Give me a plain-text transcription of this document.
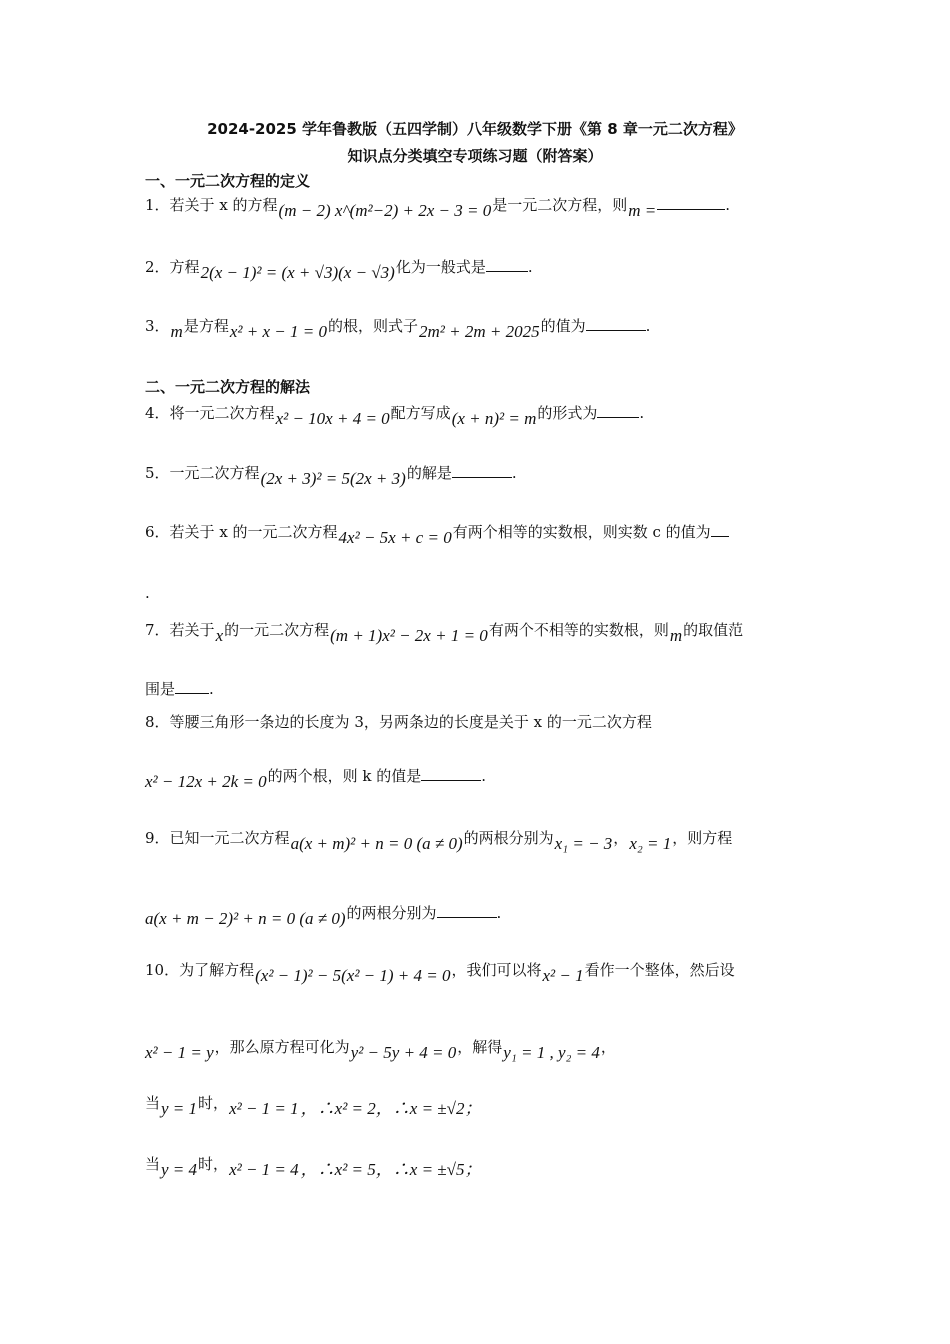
2024-2025 学年鲁教版（五四学制）八年级数学下册《第 8 章一元二次方程》
知识点分类填空专项练习题（附答案）
一、一元二次方程的定义
1．若关于 x 的方程(m − 2) x^(m²−2) + 2x − 3 = 0是一元二次方程，则m =	.
2．方程2(x − 1)² = (x + √3)(x − √3)化为一般式是	.
3．m是方程x² + x − 1 = 0的根，则式子2m² + 2m + 2025的值为	.
二、一元二次方程的解法
4．将一元二次方程x² − 10x + 4 = 0配方写成(x + n)² = m的形式为	.
5．一元二次方程(2x + 3)² = 5(2x + 3)的解是	.
6．若关于 x 的一元二次方程4x² − 5x + c = 0有两个相等的实数根，则实数 c 的值为
.
7．若关于x的一元二次方程(m + 1)x² − 2x + 1 = 0有两个不相等的实数根，则m的取值范
围是 .
8．等腰三角形一条边的长度为 3，另两条边的长度是关于 x 的一元二次方程
x² − 12x + 2k = 0的两个根，则 k 的值是	.
9．已知一元二次方程a(x + m)² + n = 0 (a ≠ 0)的两根分别为x₁ = − 3，x₂ = 1，则方程
a(x + m − 2)² + n = 0 (a ≠ 0)的两根分别为	.
10．为了解方程(x² − 1)² − 5(x² − 1) + 4 = 0，我们可以将x² − 1看作一个整体，然后设
x² − 1 = y，那么原方程可化为y² − 5y + 4 = 0，解得y₁ = 1 , y₂ = 4，
当y = 1时，x² − 1 = 1 ，∴x² = 2，∴x = ±√2；
当y = 4时，x² − 1 = 4 ，∴x² = 5，∴x = ±√5；
